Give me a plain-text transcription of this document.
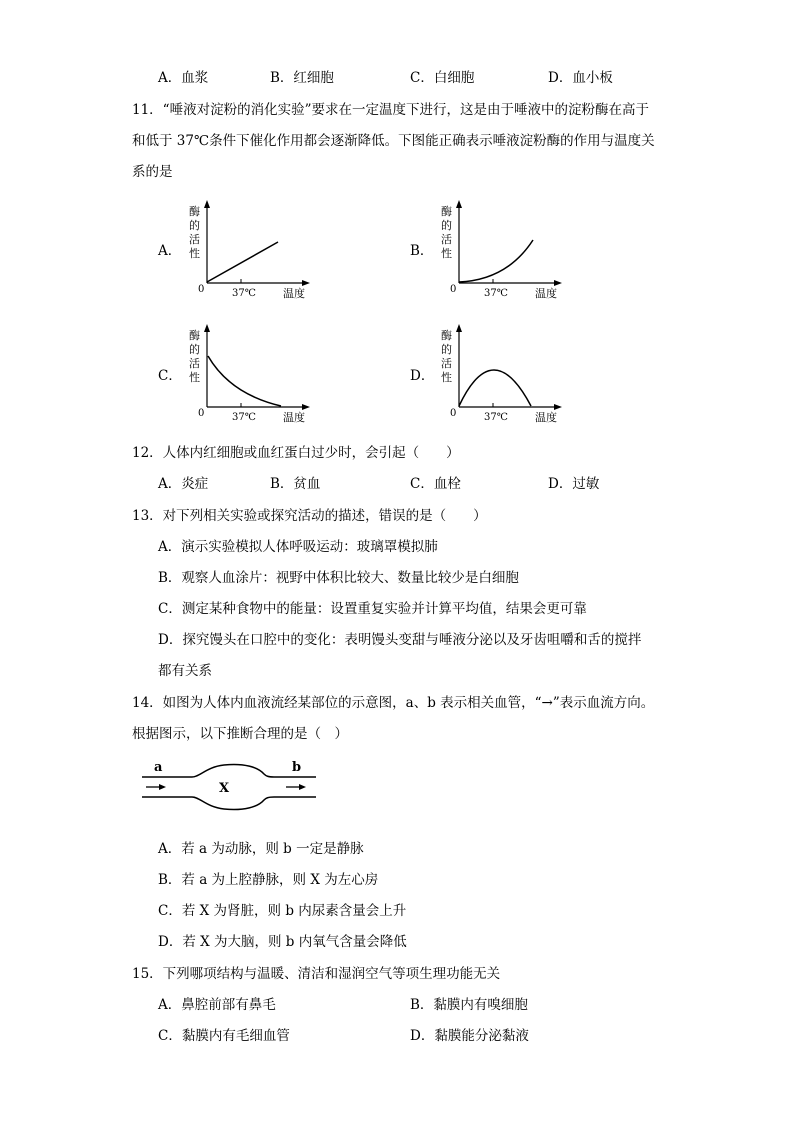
A．血浆	B．红细胞	C．白细胞	D．血小板
11．“唾液对淀粉的消化实验”要求在一定温度下进行，这是由于唾液中的淀粉酶在高于
和低于 37℃条件下催化作用都会逐渐降低。下图能正确表示唾液淀粉酶的作用与温度关
系的是
A．	B．
C．	D．
酶
的
活
性
0	37℃ 温度
酶
的
活
性
0	37℃ 温度
酶
的
活
性
0	37℃ 温度
酶
的
活
性
0	37℃ 温度
12．人体内红细胞或血红蛋白过少时，会引起（　　）
A．炎症	B．贫血	C．血栓	D．过敏
13．对下列相关实验或探究活动的描述，错误的是（　　）
A．演示实验模拟人体呼吸运动：玻璃罩模拟肺
B．观察人血涂片：视野中体积比较大、数量比较少是白细胞
C．测定某种食物中的能量：设置重复实验并计算平均值，结果会更可靠
D．探究馒头在口腔中的变化：表明馒头变甜与唾液分泌以及牙齿咀嚼和舌的搅拌
都有关系
14．如图为人体内血液流经某部位的示意图，a、b 表示相关血管，“→”表示血流方向。
根据图示，以下推断合理的是（　）
a	b
X
A．若 a 为动脉，则 b 一定是静脉
B．若 a 为上腔静脉，则 X 为左心房
C．若 X 为肾脏，则 b 内尿素含量会上升
D．若 X 为大脑，则 b 内氧气含量会降低
15．下列哪项结构与温暖、清洁和湿润空气等项生理功能无关
A．鼻腔前部有鼻毛	B．黏膜内有嗅细胞
C．黏膜内有毛细血管	D．黏膜能分泌黏液
